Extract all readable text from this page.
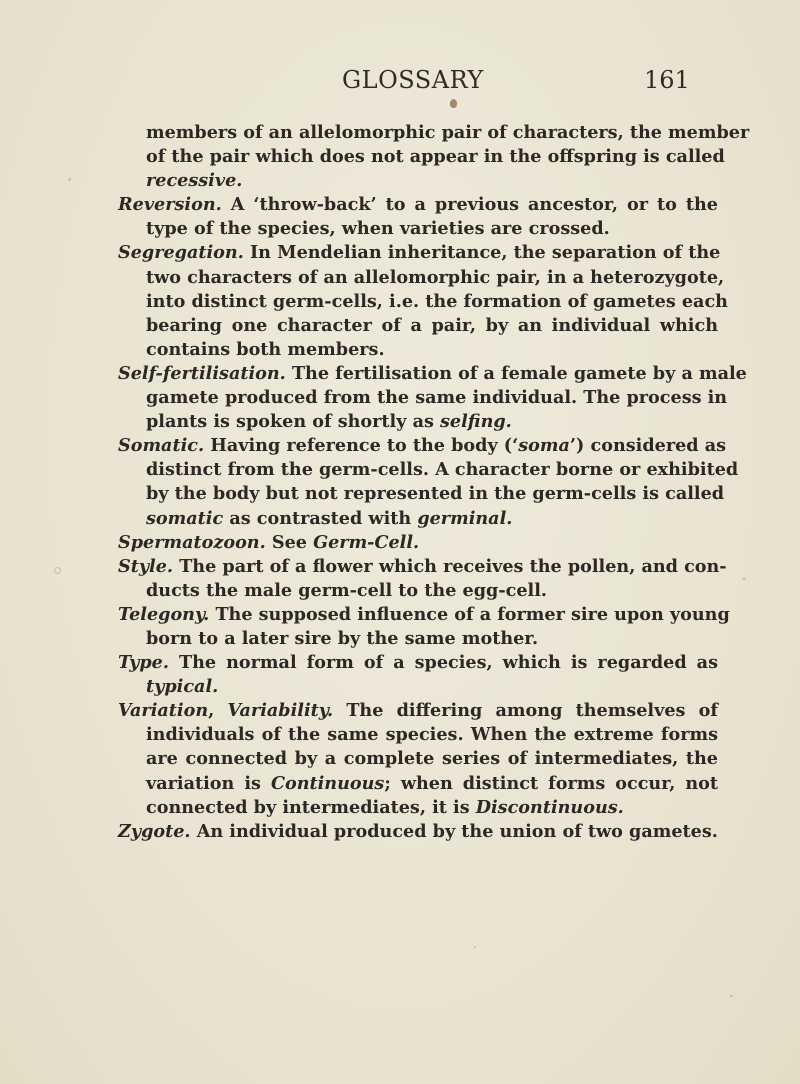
GLOSSARY	161
members of an allelomorphic pair of characters, the member
of the pair which does not appear in the offspring is called
recessive.
Reversion. A ‘throw-back’ to a previous ancestor, or to the
type of the species, when varieties are crossed.
Segregation. In Mendelian inheritance, the separation of the
two characters of an allelomorphic pair, in a heterozygote,
into distinct germ-cells, i.e. the formation of gametes each
bearing one character of a pair, by an individual which
contains both members.
Self-fertilisation. The fertilisation of a female gamete by a male
gamete produced from the same individual. The process in
plants is spoken of shortly as selfing.
Somatic. Having reference to the body (‘soma’) considered as
distinct from the germ-cells. A character borne or exhibited
by the body but not represented in the germ-cells is called
somatic as contrasted with germinal.
Spermatozoon. See Germ-Cell.
Style. The part of a flower which receives the pollen, and con-
ducts the male germ-cell to the egg-cell.
Telegony. The supposed influence of a former sire upon young
born to a later sire by the same mother.
Type. The normal form of a species, which is regarded as
typical.
Variation, Variability. The differing among themselves of
individuals of the same species. When the extreme forms
are connected by a complete series of intermediates, the
variation is Continuous; when distinct forms occur, not
connected by intermediates, it is Discontinuous.
Zygote. An individual produced by the union of two gametes.
